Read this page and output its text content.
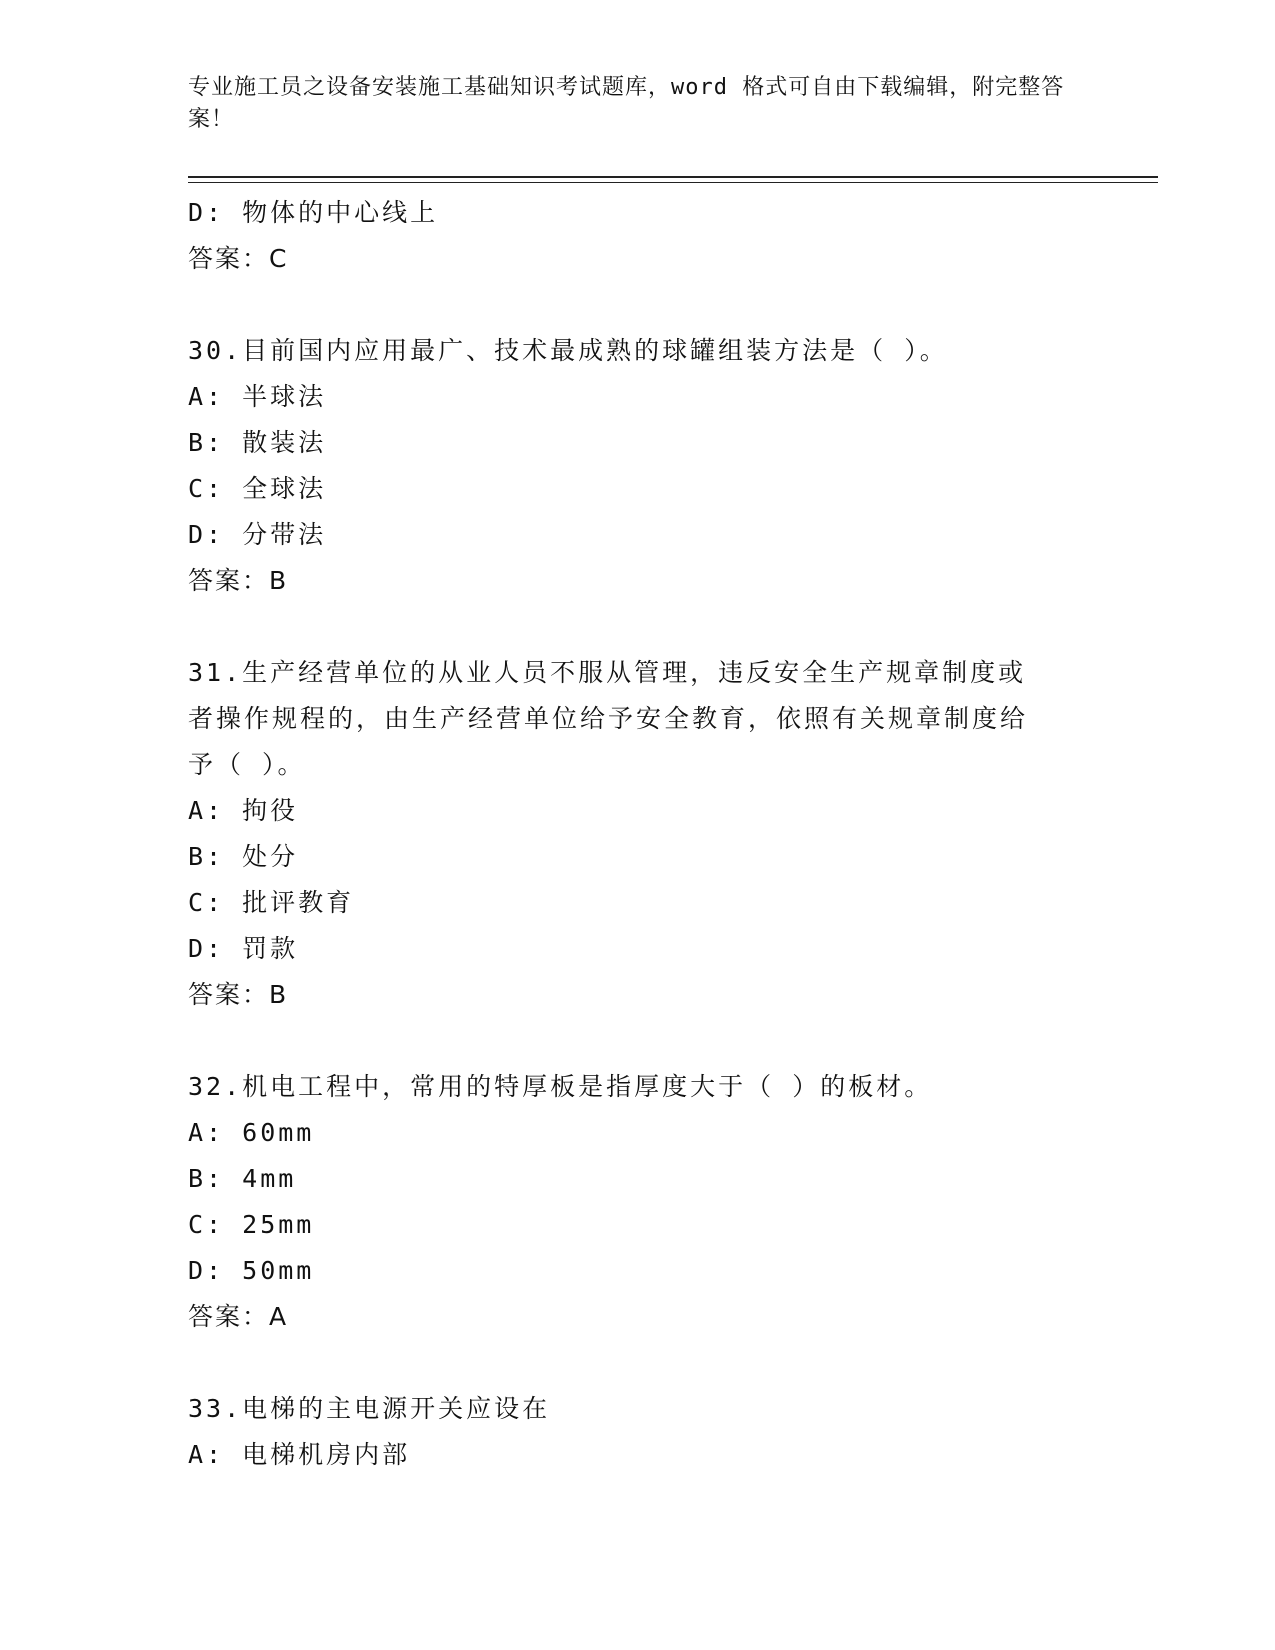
专业施工员之设备安装施工基础知识考试题库，word 格式可自由下载编辑，附完整答案！
D: 物体的中心线上
答案：C
30.目前国内应用最广、技术最成熟的球罐组装方法是（ ）。
A: 半球法
B: 散装法
C: 全球法
D: 分带法
答案：B
31.生产经营单位的从业人员不服从管理，违反安全生产规章制度或者操作规程的，由生产经营单位给予安全教育，依照有关规章制度给予（ ）。
A: 拘役
B: 处分
C: 批评教育
D: 罚款
答案：B
32.机电工程中，常用的特厚板是指厚度大于（ ）的板材。
A: 60mm
B: 4mm
C: 25mm
D: 50mm
答案：A
33.电梯的主电源开关应设在
A: 电梯机房内部
